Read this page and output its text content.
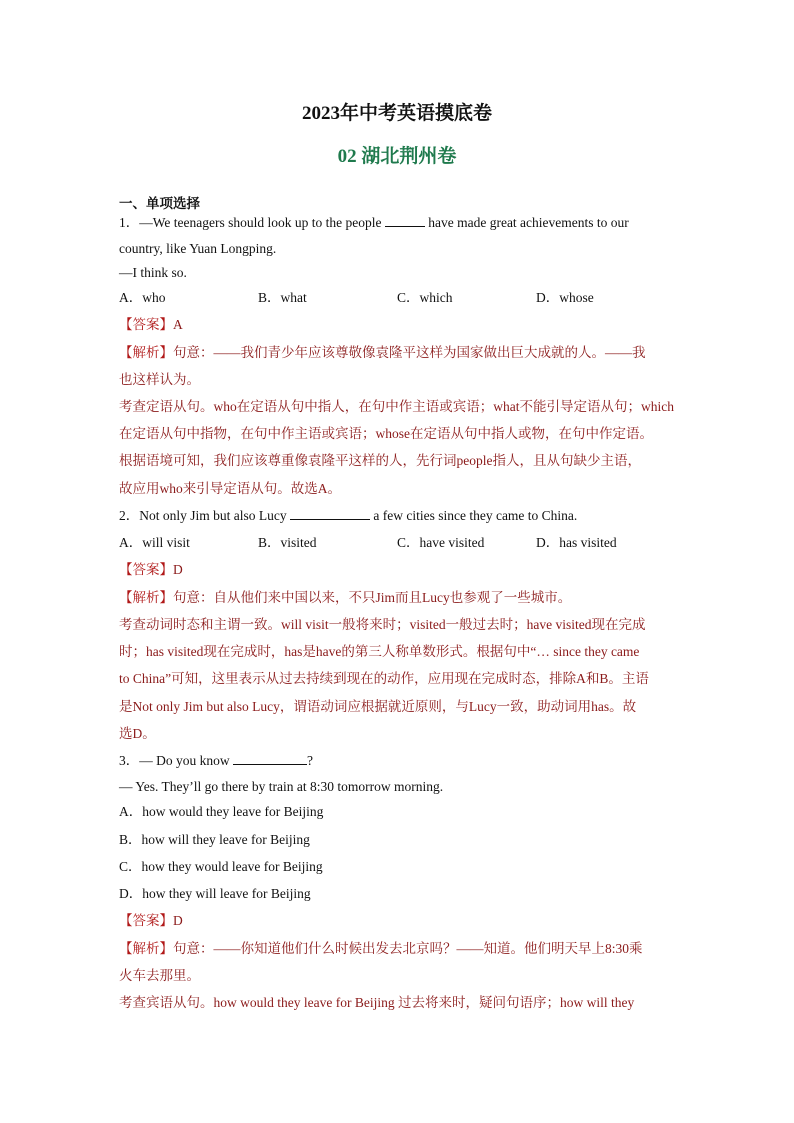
2023年中考英语摸底卷
02 湖北荆州卷
一、单项选择
1．—We teenagers should look up to the people	have made great achievements to our
country, like Yuan Longping.
—I think so.
A．who	B．what	C．which	D．whose
【答案】A
【解析】句意：——我们青少年应该尊敬像袁隆平这样为国家做出巨大成就的人。——我
也这样认为。
考查定语从句。who在定语从句中指人，在句中作主语或宾语；what不能引导定语从句；which
在定语从句中指物，在句中作主语或宾语；whose在定语从句中指人或物，在句中作定语。
根据语境可知，我们应该尊重像袁隆平这样的人，先行词people指人，且从句缺少主语，
故应用who来引导定语从句。故选A。
2．Not only Jim but also Lucy	a few cities since they came to China.
A．will visit	B．visited	C．have visited	D．has visited
【答案】D
【解析】句意：自从他们来中国以来，不只Jim而且Lucy也参观了一些城市。
考查动词时态和主谓一致。will visit一般将来时；visited一般过去时；have visited现在完成
时；has visited现在完成时，has是have的第三人称单数形式。根据句中“… since they came
to China”可知，这里表示从过去持续到现在的动作，应用现在完成时态，排除A和B。主语
是Not only Jim but also Lucy，谓语动词应根据就近原则，与Lucy一致，助动词用has。故
选D。
3．— Do you know	?
— Yes. They’ll go there by train at 8:30 tomorrow morning.
A．how would they leave for Beijing
B．how will they leave for Beijing
C．how they would leave for Beijing
D．how they will leave for Beijing
【答案】D
【解析】句意：——你知道他们什么时候出发去北京吗？——知道。他们明天早上8:30乘
火车去那里。
考查宾语从句。how would they leave for Beijing 过去将来时，疑问句语序；how will they
